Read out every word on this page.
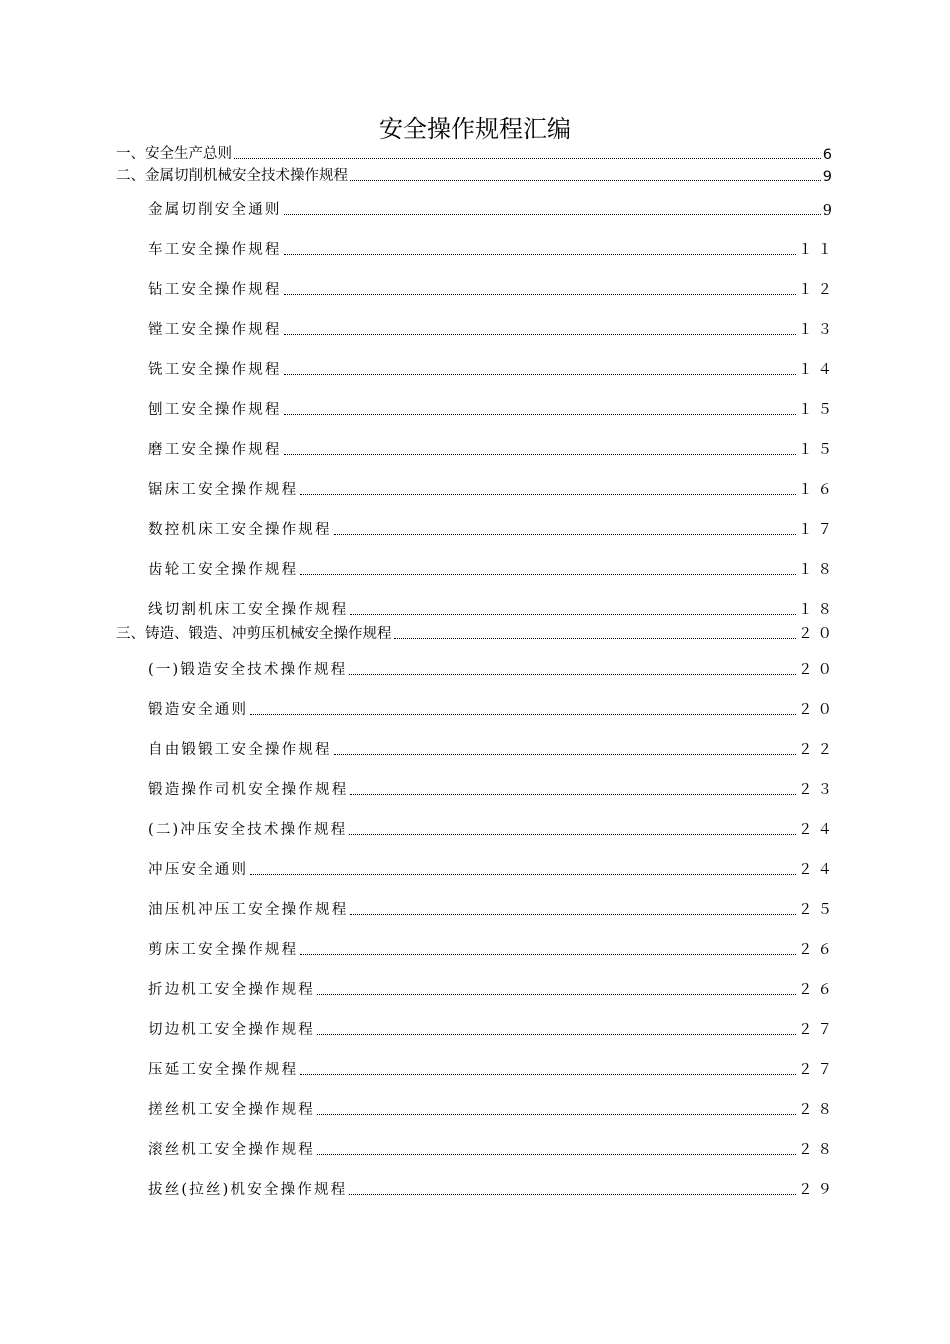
安全操作规程汇编
一、安全生产总则	6
二、金属切削机械安全技术操作规程	9
金属切削安全通则	9
车工安全操作规程	１１
钻工安全操作规程	１２
镗工安全操作规程	１３
铣工安全操作规程	１４
刨工安全操作规程	１５
磨工安全操作规程	１５
锯床工安全操作规程	１６
数控机床工安全操作规程	１７
齿轮工安全操作规程	１８
线切割机床工安全操作规程	１８
三、铸造、锻造、冲剪压机械安全操作规程	２０
(一)锻造安全技术操作规程	２０
锻造安全通则	２０
自由锻锻工安全操作规程	２２
锻造操作司机安全操作规程	２３
(二)冲压安全技术操作规程	２４
冲压安全通则	２４
油压机冲压工安全操作规程	２５
剪床工安全操作规程	２６
折边机工安全操作规程	２６
切边机工安全操作规程	２７
压延工安全操作规程	２７
搓丝机工安全操作规程	２８
滚丝机工安全操作规程	２８
拔丝(拉丝)机安全操作规程	２９
